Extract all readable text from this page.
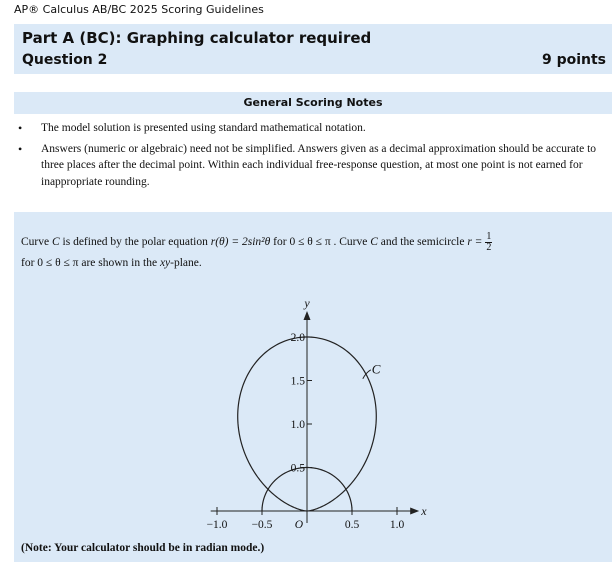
AP® Calculus AB/BC 2025 Scoring Guidelines
Part A (BC): Graphing calculator required
Question 2	9 points
General Scoring Notes
• The model solution is presented using standard mathematical notation.
• Answers (numeric or algebraic) need not be simplified. Answers given as a decimal approximation should be accurate to three places after the decimal point. Within each individual free-response question, at most one point is not earned for inappropriate rounding.
Curve C is defined by the polar equation r(θ) = 2sin²θ for 0 ≤ θ ≤ π . Curve C and the semicircle $r = \frac{1}{2}$

for 0 ≤ θ ≤ π are shown in the xy-plane.
2.0
1.5
1.0
0.5
−1.0 −0.5	0.5	1.0
y
x
O
C
(Note: Your calculator should be in radian mode.)
